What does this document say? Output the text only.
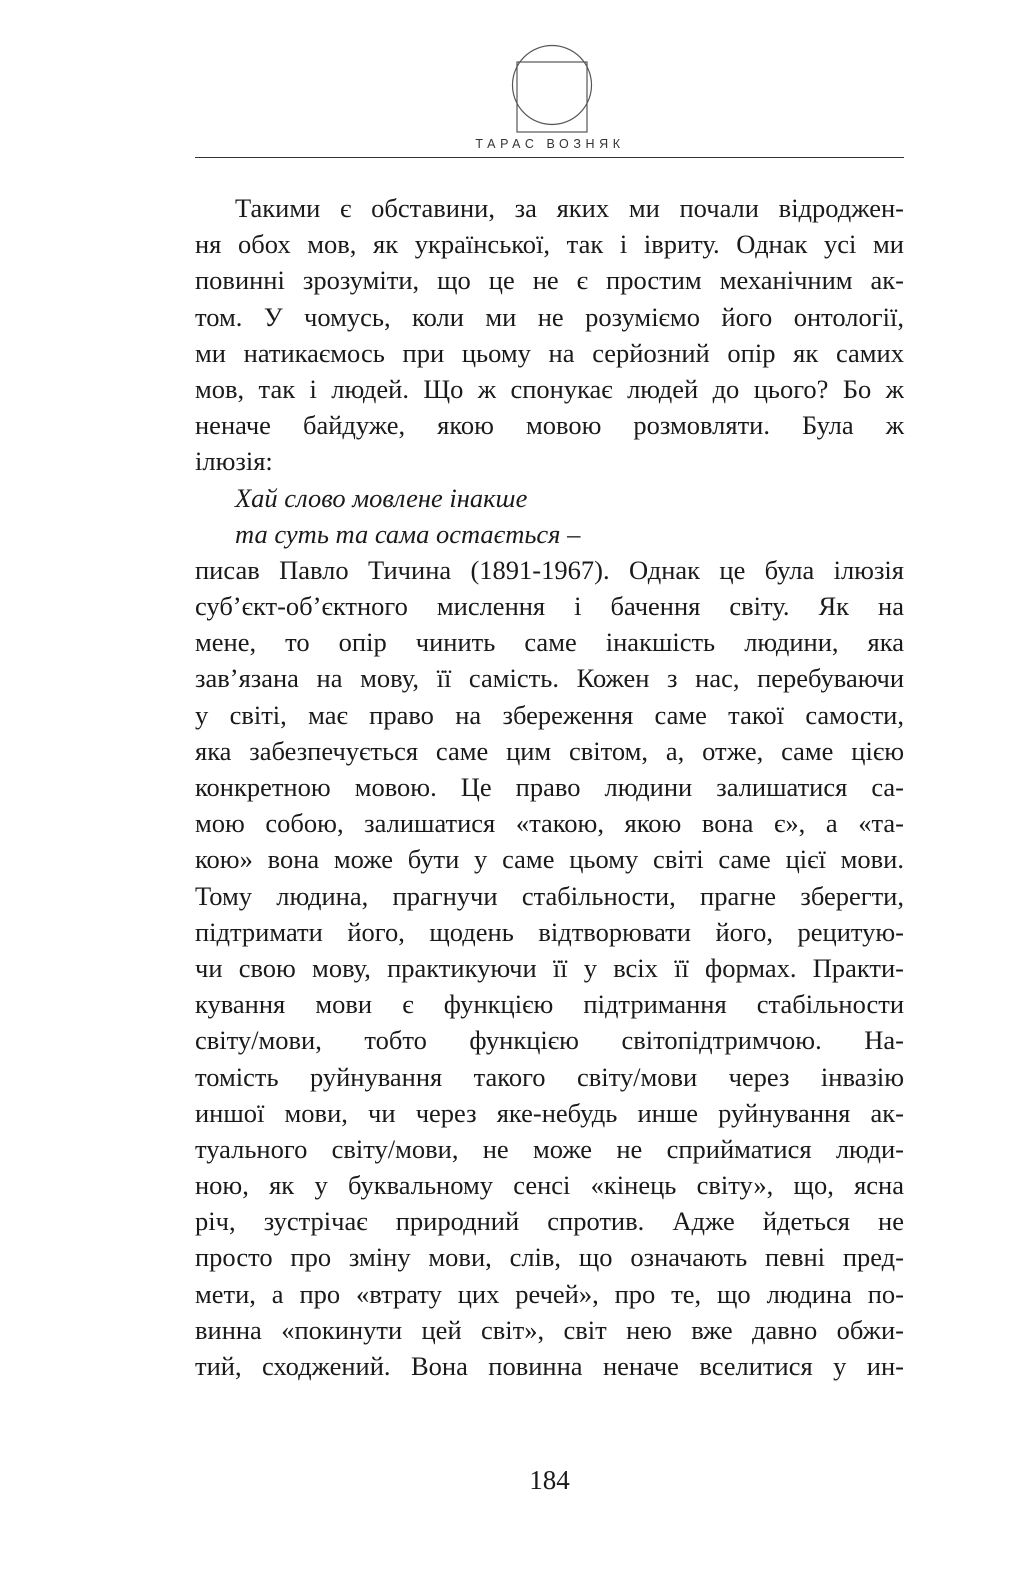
ТАРАС ВОЗНЯК
Такими є обставини, за яких ми почали відроджен-
ня обох мов, як української, так і івриту. Однак усі ми
повинні зрозуміти, що це не є простим механічним ак-
том. У чомусь, коли ми не розуміємо його онтології,
ми натикаємось при цьому на серйозний опір як самих
мов, так і людей. Що ж спонукає людей до цього? Бо ж
неначе байдуже, якою мовою розмовляти. Була ж
ілюзія:
Хай слово мовлене інакше
та суть та сама остається –
писав Павло Тичина (1891-1967). Однак це була ілюзія
суб’єкт-об’єктного мислення і бачення світу. Як на
мене, то опір чинить саме інакшість людини, яка
зав’язана на мову, її самість. Кожен з нас, перебуваючи
у світі, має право на збереження саме такої самости,
яка забезпечується саме цим світом, а, отже, саме цією
конкретною мовою. Це право людини залишатися са-
мою собою, залишатися «такою, якою вона є», а «та-
кою» вона може бути у саме цьому світі саме цієї мови.
Тому людина, прагнучи стабільности, прагне зберегти,
підтримати його, щодень відтворювати його, рецитую-
чи свою мову, практикуючи її у всіх її формах. Практи-
кування мови є функцією підтримання стабільности
світу/мови, тобто функцією світопідтримчою. На-
томість руйнування такого світу/мови через інвазію
иншої мови, чи через яке-небудь инше руйнування ак-
туального світу/мови, не може не сприйматися люди-
ною, як у буквальному сенсі «кінець світу», що, ясна
річ, зустрічає природний спротив. Адже йдеться не
просто про зміну мови, слів, що означають певні пред-
мети, а про «втрату цих речей», про те, що людина по-
винна «покинути цей світ», світ нею вже давно обжи-
тий, сходжений. Вона повинна неначе вселитися у ин-
184
